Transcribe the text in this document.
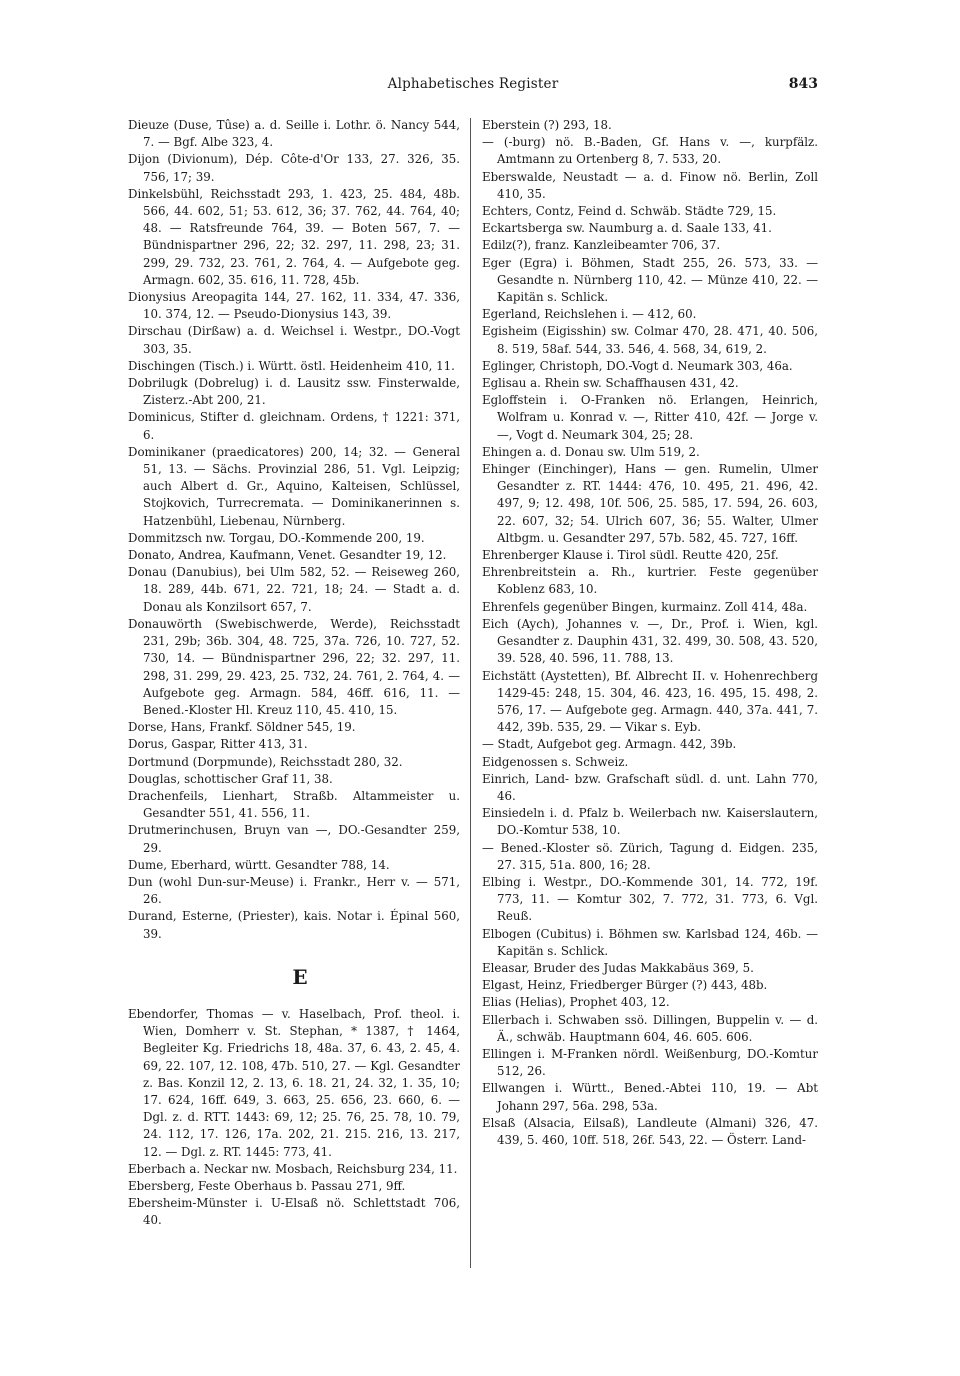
Alphabetisches Register	843

Dieuze (Duse, Tûse) a. d. Seille i. Lothr. ö. Nancy 544, 7. — Bgf. Albe 323, 4.

Dijon (Divionum), Dép. Côte-d'Or 133, 27. 326, 35. 756, 17; 39.

Dinkelsbühl, Reichsstadt 293, 1. 423, 25. 484, 48b. 566, 44. 602, 51; 53. 612, 36; 37. 762, 44. 764, 40; 48. — Ratsfreunde 764, 39. — Boten 567, 7. — Bündnispartner 296, 22; 32. 297, 11. 298, 23; 31. 299, 29. 732, 23. 761, 2. 764, 4. — Aufgebote geg. Armagn. 602, 35. 616, 11. 728, 45b.

Dionysius Areopagita 144, 27. 162, 11. 334, 47. 336, 10. 374, 12. — Pseudo-Dionysius 143, 39.

Dirschau (Dirßaw) a. d. Weichsel i. Westpr., DO.-Vogt 303, 35.

Dischingen (Tisch.) i. Württ. östl. Heidenheim 410, 11.

Dobrilugk (Dobrelug) i. d. Lausitz ssw. Finsterwalde, Zisterz.-Abt 200, 21.

Dominicus, Stifter d. gleichnam. Ordens, † 1221: 371, 6.

Dominikaner (praedicatores) 200, 14; 32. — General 51, 13. — Sächs. Provinzial 286, 51. Vgl. Leipzig; auch Albert d. Gr., Aquino, Kalteisen, Schlüssel, Stojkovich, Turrecremata. — Dominikanerinnen s. Hatzenbühl, Liebenau, Nürnberg.

Dommitzsch nw. Torgau, DO.-Kommende 200, 19.

Donato, Andrea, Kaufmann, Venet. Gesandter 19, 12.

Donau (Danubius), bei Ulm 582, 52. — Reiseweg 260, 18. 289, 44b. 671, 22. 721, 18; 24. — Stadt a. d. Donau als Konzilsort 657, 7.

Donauwörth (Swebischwerde, Werde), Reichsstadt 231, 29b; 36b. 304, 48. 725, 37a. 726, 10. 727, 52. 730, 14. — Bündnispartner 296, 22; 32. 297, 11. 298, 31. 299, 29. 423, 25. 732, 24. 761, 2. 764, 4. — Aufgebote geg. Armagn. 584, 46ff. 616, 11. — Bened.-Kloster Hl. Kreuz 110, 45. 410, 15.

Dorse, Hans, Frankf. Söldner 545, 19.

Dorus, Gaspar, Ritter 413, 31.

Dortmund (Dorpmunde), Reichsstadt 280, 32.

Douglas, schottischer Graf 11, 38.

Drachenfeils, Lienhart, Straßb. Altammeister u. Gesandter 551, 41. 556, 11.

Drutmerinchusen, Bruyn van —, DO.-Gesandter 259, 29.

Dume, Eberhard, württ. Gesandter 788, 14.

Dun (wohl Dun-sur-Meuse) i. Frankr., Herr v. — 571, 26.

Durand, Esterne, (Priester), kais. Notar i. Épinal 560, 39.

E

Ebendorfer, Thomas — v. Haselbach, Prof. theol. i. Wien, Domherr v. St. Stephan, * 1387, † 1464, Begleiter Kg. Friedrichs 18, 48a. 37, 6. 43, 2. 45, 4. 69, 22. 107, 12. 108, 47b. 510, 27. — Kgl. Gesandter z. Bas. Konzil 12, 2. 13, 6. 18. 21, 24. 32, 1. 35, 10; 17. 624, 16ff. 649, 3. 663, 25. 656, 23. 660, 6. — Dgl. z. d. RTT. 1443: 69, 12; 25. 76, 25. 78, 10. 79, 24. 112, 17. 126, 17a. 202, 21. 215. 216, 13. 217, 12. — Dgl. z. RT. 1445: 773, 41.

Eberbach a. Neckar nw. Mosbach, Reichsburg 234, 11.

Ebersberg, Feste Oberhaus b. Passau 271, 9ff.

Ebersheim-Münster i. U-Elsaß nö. Schlettstadt 706, 40.

Eberstein (?) 293, 18.

— (-burg) nö. B.-Baden, Gf. Hans v. —, kurpfälz. Amtmann zu Ortenberg 8, 7. 533, 20.

Eberswalde, Neustadt — a. d. Finow nö. Berlin, Zoll 410, 35.

Echters, Contz, Feind d. Schwäb. Städte 729, 15.

Eckartsberga sw. Naumburg a. d. Saale 133, 41.

Edilz(?), franz. Kanzleibeamter 706, 37.

Eger (Egra) i. Böhmen, Stadt 255, 26. 573, 33. — Gesandte n. Nürnberg 110, 42. — Münze 410, 22. — Kapitän s. Schlick.

Egerland, Reichslehen i. — 412, 60.

Egisheim (Eigisshin) sw. Colmar 470, 28. 471, 40. 506, 8. 519, 58af. 544, 33. 546, 4. 568, 34, 619, 2.

Eglinger, Christoph, DO.-Vogt d. Neumark 303, 46a.

Eglisau a. Rhein sw. Schaffhausen 431, 42.

Egloffstein i. O-Franken nö. Erlangen, Heinrich, Wolfram u. Konrad v. —, Ritter 410, 42f. — Jorge v. —, Vogt d. Neumark 304, 25; 28.

Ehingen a. d. Donau sw. Ulm 519, 2.

Ehinger (Einchinger), Hans — gen. Rumelin, Ulmer Gesandter z. RT. 1444: 476, 10. 495, 21. 496, 42. 497, 9; 12. 498, 10f. 506, 25. 585, 17. 594, 26. 603, 22. 607, 32; 54. Ulrich 607, 36; 55. Walter, Ulmer Altbgm. u. Gesandter 297, 57b. 582, 45. 727, 16ff.

Ehrenberger Klause i. Tirol südl. Reutte 420, 25f.

Ehrenbreitstein a. Rh., kurtrier. Feste gegenüber Koblenz 683, 10.

Ehrenfels gegenüber Bingen, kurmainz. Zoll 414, 48a.

Eich (Aych), Johannes v. —, Dr., Prof. i. Wien, kgl. Gesandter z. Dauphin 431, 32. 499, 30. 508, 43. 520, 39. 528, 40. 596, 11. 788, 13.

Eichstätt (Aystetten), Bf. Albrecht II. v. Hohenrechberg 1429-45: 248, 15. 304, 46. 423, 16. 495, 15. 498, 2. 576, 17. — Aufgebote geg. Armagn. 440, 37a. 441, 7. 442, 39b. 535, 29. — Vikar s. Eyb.

— Stadt, Aufgebot geg. Armagn. 442, 39b.

Eidgenossen s. Schweiz.

Einrich, Land- bzw. Grafschaft südl. d. unt. Lahn 770, 46.

Einsiedeln i. d. Pfalz b. Weilerbach nw. Kaiserslautern, DO.-Komtur 538, 10.

— Bened.-Kloster sö. Zürich, Tagung d. Eidgen. 235, 27. 315, 51a. 800, 16; 28.

Elbing i. Westpr., DO.-Kommende 301, 14. 772, 19f. 773, 11. — Komtur 302, 7. 772, 31. 773, 6. Vgl. Reuß.

Elbogen (Cubitus) i. Böhmen sw. Karlsbad 124, 46b. — Kapitän s. Schlick.

Eleasar, Bruder des Judas Makkabäus 369, 5.

Elgast, Heinz, Friedberger Bürger (?) 443, 48b.

Elias (Helias), Prophet 403, 12.

Ellerbach i. Schwaben ssö. Dillingen, Buppelin v. — d. Ä., schwäb. Hauptmann 604, 46. 605. 606.

Ellingen i. M-Franken nördl. Weißenburg, DO.-Komtur 512, 26.

Ellwangen i. Württ., Bened.-Abtei 110, 19. — Abt Johann 297, 56a. 298, 53a.

Elsaß (Alsacia, Eilsaß), Landleute (Almani) 326, 47. 439, 5. 460, 10ff. 518, 26f. 543, 22. — Österr. Land-
